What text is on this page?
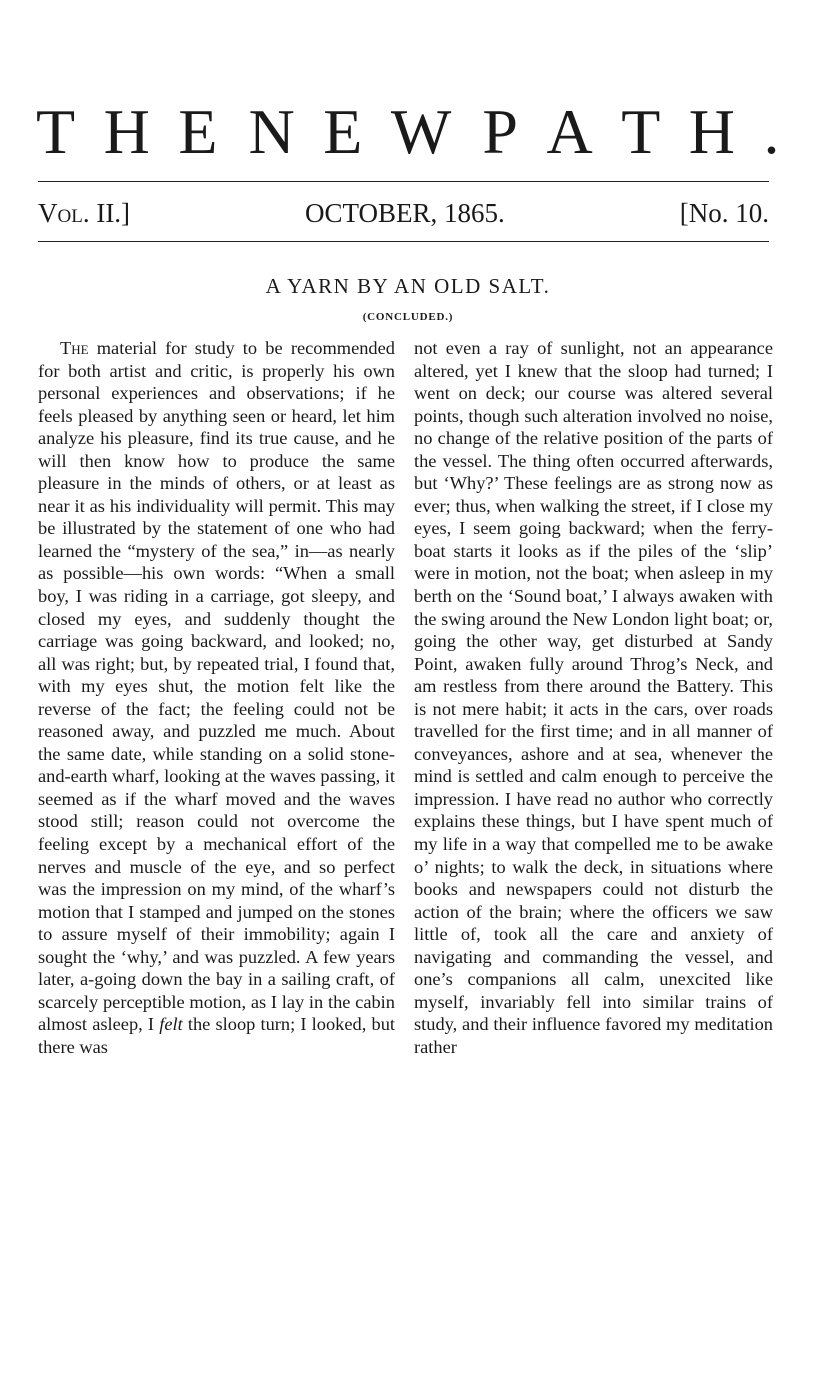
T H E N E W P A T H .
Vol. II.]	OCTOBER, 1865.	[No. 10.
A YARN BY AN OLD SALT.
(CONCLUDED.)

The material for study to be recommended for both artist and critic, is properly his own personal experiences and observations; if he feels pleased by anything seen or heard, let him analyze his pleasure, find its true cause, and he will then know how to produce the same pleasure in the minds of others, or at least as near it as his individuality will permit. This may be illustrated by the statement of one who had learned the “mystery of the sea,” in—as nearly as possible—his own words: “When a small boy, I was riding in a carriage, got sleepy, and closed my eyes, and suddenly thought the carriage was going backward, and looked; no, all was right; but, by repeated trial, I found that, with my eyes shut, the motion felt like the reverse of the fact; the feeling could not be reasoned away, and puzzled me much. About the same date, while standing on a solid stone-and-earth wharf, looking at the waves passing, it seemed as if the wharf moved and the waves stood still; reason could not overcome the feeling except by a mechanical effort of the nerves and muscle of the eye, and so perfect was the impression on my mind, of the wharf’s motion that I stamped and jumped on the stones to assure myself of their immobility; again I sought the ‘why,’ and was puzzled. A few years later, a-going down the bay in a sailing craft, of scarcely perceptible motion, as I lay in the cabin almost asleep, I felt the sloop turn; I looked, but there was

not even a ray of sunlight, not an appearance altered, yet I knew that the sloop had turned; I went on deck; our course was altered several points, though such alteration involved no noise, no change of the relative position of the parts of the vessel. The thing often occurred afterwards, but ‘Why?’ These feelings are as strong now as ever; thus, when walking the street, if I close my eyes, I seem going backward; when the ferry-boat starts it looks as if the piles of the ‘slip’ were in motion, not the boat; when asleep in my berth on the ‘Sound boat,’ I always awaken with the swing around the New London light boat; or, going the other way, get disturbed at Sandy Point, awaken fully around Throg’s Neck, and am restless from there around the Battery. This is not mere habit; it acts in the cars, over roads travelled for the first time; and in all manner of conveyances, ashore and at sea, whenever the mind is settled and calm enough to perceive the impression. I have read no author who correctly explains these things, but I have spent much of my life in a way that compelled me to be awake o’ nights; to walk the deck, in situations where books and newspapers could not disturb the action of the brain; where the officers we saw little of, took all the care and anxiety of navigating and commanding the vessel, and one’s companions all calm, unexcited like myself, invariably fell into similar trains of study, and their influence favored my meditation rather
